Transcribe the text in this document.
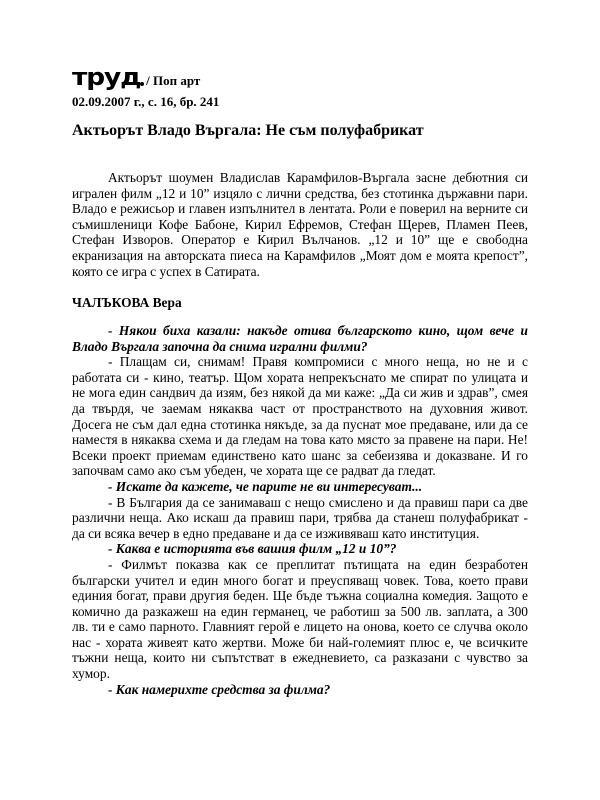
труд / Поп арт
02.09.2007 г., с. 16, бр. 241
Актьорът Владо Въргала: Не съм полуфабрикат
Актьорът шоумен Владислав Карамфилов-Въргала засне дебютния си игрален филм „12 и 10” изцяло с лични средства, без стотинка държавни пари. Владо е режисьор и главен изпълнител в лентата. Роли е поверил на верните си съмишленици Кофе Бабоне, Кирил Ефремов, Стефан Щерев, Пламен Пеев, Стефан Изворов. Оператор е Кирил Вълчанов. „12 и 10” ще е свободна екранизация на авторската пиеса на Карамфилов „Моят дом е моята крепост”, която се игра с успех в Сатирата.
ЧАЛЪКОВА Вера

- Някои биха казали: накъде отива българското кино, щом вече и Владо Въргала започна да снима игрални филми?

- Плащам си, снимам! Правя компромиси с много неща, но не и с работата си - кино, театър. Щом хората непрекъснато ме спират по улицата и не мога един сандвич да изям, без някой да ми каже: „Да си жив и здрав”, смея да твърдя, че заемам някаква част от пространството на духовния живот. Досега не съм дал една стотинка някъде, за да пуснат мое предаване, или да се наместя в някаква схема и да гледам на това като място за правене на пари. Не! Всеки проект приемам единствено като шанс за себеизява и доказване. И го започвам само ако съм убеден, че хората ще се радват да гледат.

- Искате да кажете, че парите не ви интересуват...

- В България да се занимаваш с нещо смислено и да правиш пари са две различни неща. Ако искаш да правиш пари, трябва да станеш полуфабрикат - да си всяка вечер в едно предаване и да се изживяваш като институция.

- Каква е историята във вашия филм „12 и 10”?

- Филмът показва как се преплитат пътищата на един безработен български учител и един много богат и преуспяващ човек. Това, което прави единия богат, прави другия беден. Ще бъде тъжна социална комедия. Защото е комично да разкажеш на един германец, че работиш за 500 лв. заплата, а 300 лв. ти е само парното. Главният герой е лицето на онова, което се случва около нас - хората живеят като жертви. Може би най-големият плюс е, че всичките тъжни неща, които ни съпътстват в ежедневието, са разказани с чувство за хумор.

- Как намерихте средства за филма?
